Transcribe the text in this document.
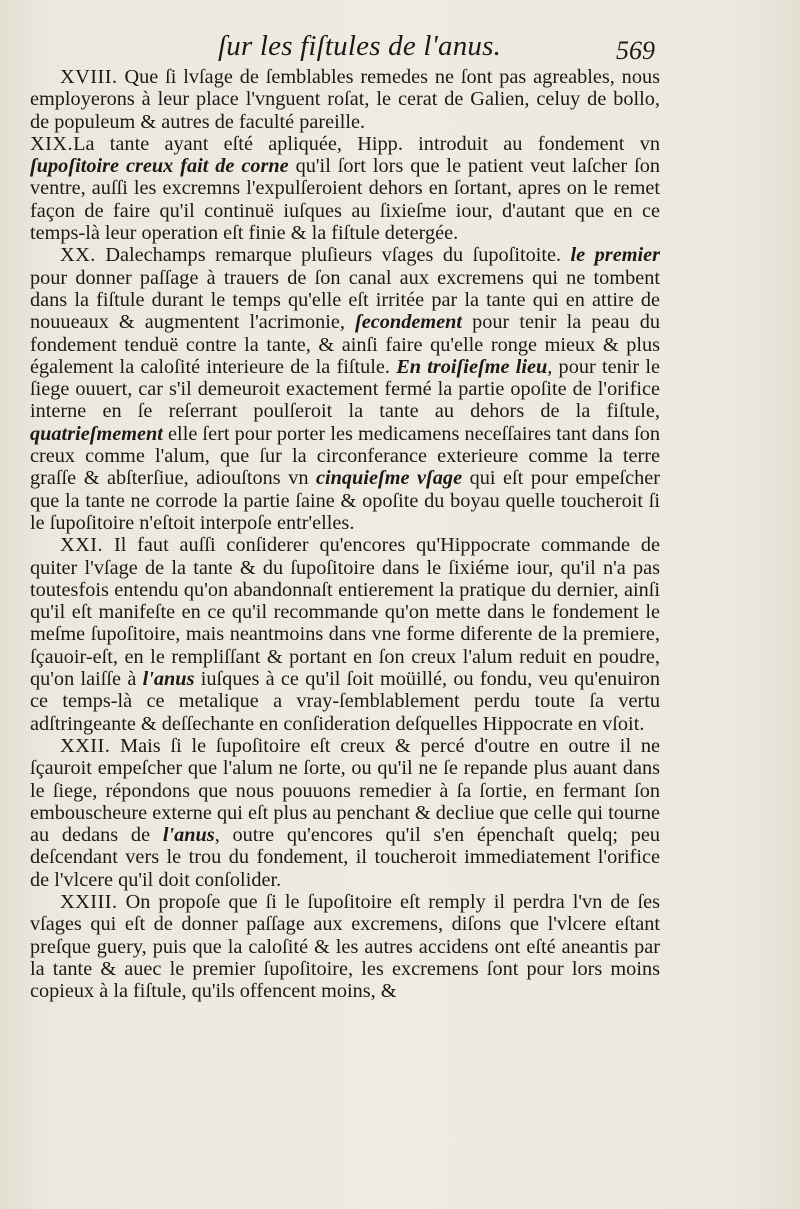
ſur les fiſtules de l'anus.	569

XVIII. Que ſi lvſage de ſemblables remedes ne ſont pas agreables, nous employerons à leur place l'vnguent roſat, le cerat de Galien, celuy de bollo, de populeum & autres de faculté pareille.

XIX.La tante ayant eſté apliquée, Hipp. introduit au fondement vn ſupoſitoire creux fait de corne qu'il ſort lors que le patient veut laſcher ſon ventre, auſſi les excremns l'expulſeroient dehors en ſortant, apres on le remet façon de faire qu'il continuë iuſques au ſixieſme iour, d'autant que en ce temps-là leur operation eſt finie & la fiſtule detergée.

XX. Dalechamps remarque pluſieurs vſages du ſupoſitoite. le premier pour donner paſſage à trauers de ſon canal aux excremens qui ne tombent dans la fiſtule durant le temps qu'elle eſt irritée par la tante qui en attire de nouueaux & augmentent l'acrimonie, ſecondement pour tenir la peau du fondement tenduë contre la tante, & ainſi faire qu'elle ronge mieux & plus également la caloſité interieure de la fiſtule. En troiſieſme lieu, pour tenir le ſiege ouuert, car s'il demeuroit exactement fermé la partie opoſite de l'orifice interne en ſe reſerrant poulſeroit la tante au dehors de la fiſtule, quatrieſmement elle ſert pour porter les medicamens neceſſaires tant dans ſon creux comme l'alum, que ſur la circonferance exterieure comme la terre graſſe & abſterſiue, adiouſtons vn cinquieſme vſage qui eſt pour empeſcher que la tante ne corrode la partie ſaine & opoſite du boyau quelle toucheroit ſi le ſupoſitoire n'eſtoit interpoſe entr'elles.

XXI. Il faut auſſi conſiderer qu'encores qu'Hippocrate commande de quiter l'vſage de la tante & du ſupoſitoire dans le ſixiéme iour, qu'il n'a pas toutesfois entendu qu'on abandonnaſt entierement la pratique du dernier, ainſi qu'il eſt manifeſte en ce qu'il recommande qu'on mette dans le fondement le meſme ſupoſitoire, mais neantmoins dans vne forme diferente de la premiere, ſçauoir-eſt, en le rempliſſant & portant en ſon creux l'alum reduit en poudre, qu'on laiſſe à l'anus iuſques à ce qu'il ſoit moüillé, ou fondu, veu qu'enuiron ce temps-là ce metalique a vray-ſemblablement perdu toute ſa vertu adſtringeante & deſſechante en conſideration deſquelles Hippocrate en vſoit.

XXII. Mais ſi le ſupoſitoire eſt creux & percé d'outre en outre il ne ſçauroit empeſcher que l'alum ne ſorte, ou qu'il ne ſe repande plus auant dans le ſiege, répondons que nous pouuons remedier à ſa ſortie, en fermant ſon embouscheure externe qui eſt plus au penchant & decliue que celle qui tourne au dedans de l'anus, outre qu'encores qu'il s'en épenchaſt quelq; peu deſcendant vers le trou du fondement, il toucheroit immediatement l'orifice de l'vlcere qu'il doit conſolider.

XXIII. On propoſe que ſi le ſupoſitoire eſt remply il perdra l'vn de ſes vſages qui eſt de donner paſſage aux excremens, diſons que l'vlcere eſtant preſque guery, puis que la caloſité & les autres accidens ont eſté aneantis par la tante & auec le premier ſupoſitoire, les excremens ſont pour lors moins copieux à la fiſtule, qu'ils offencent moins, &
